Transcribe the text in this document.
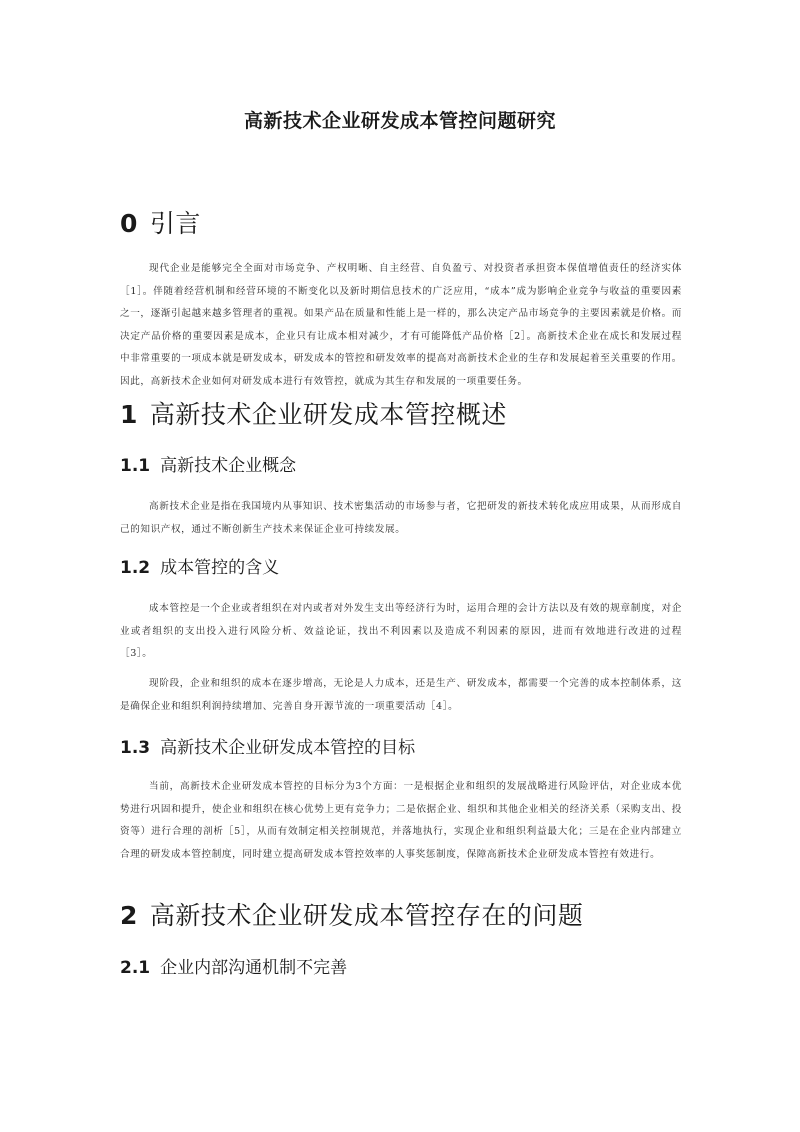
高新技术企业研发成本管控问题研究
0 引言

现代企业是能够完全全面对市场竞争、产权明晰、自主经营、自负盈亏、对投资者承担资本保值增值责任的经济实体［1］。伴随着经营机制和经营环境的不断变化以及新时期信息技术的广泛应用，“成本”成为影响企业竞争与收益的重要因素之一，逐渐引起越来越多管理者的重视。如果产品在质量和性能上是一样的，那么决定产品市场竞争的主要因素就是价格。而决定产品价格的重要因素是成本，企业只有让成本相对减少，才有可能降低产品价格［2］。高新技术企业在成长和发展过程中非常重要的一项成本就是研发成本，研发成本的管控和研发效率的提高对高新技术企业的生存和发展起着至关重要的作用。因此，高新技术企业如何对研发成本进行有效管控，就成为其生存和发展的一项重要任务。

1 高新技术企业研发成本管控概述
1.1 高新技术企业概念

高新技术企业是指在我国境内从事知识、技术密集活动的市场参与者，它把研发的新技术转化成应用成果，从而形成自己的知识产权，通过不断创新生产技术来保证企业可持续发展。

1.2 成本管控的含义

成本管控是一个企业或者组织在对内或者对外发生支出等经济行为时，运用合理的会计方法以及有效的规章制度，对企业或者组织的支出投入进行风险分析、效益论证，找出不利因素以及造成不利因素的原因，进而有效地进行改进的过程［3］。

现阶段，企业和组织的成本在逐步增高，无论是人力成本，还是生产、研发成本，都需要一个完善的成本控制体系，这是确保企业和组织利润持续增加、完善自身开源节流的一项重要活动［4］。

1.3 高新技术企业研发成本管控的目标

当前，高新技术企业研发成本管控的目标分为3个方面：一是根据企业和组织的发展战略进行风险评估，对企业成本优势进行巩固和提升，使企业和组织在核心优势上更有竞争力；二是依据企业、组织和其他企业相关的经济关系（采购支出、投资等）进行合理的剖析［5］，从而有效制定相关控制规范，并落地执行，实现企业和组织利益最大化；三是在企业内部建立合理的研发成本管控制度，同时建立提高研发成本管控效率的人事奖惩制度，保障高新技术企业研发成本管控有效进行。

2 高新技术企业研发成本管控存在的问题
2.1 企业内部沟通机制不完善
